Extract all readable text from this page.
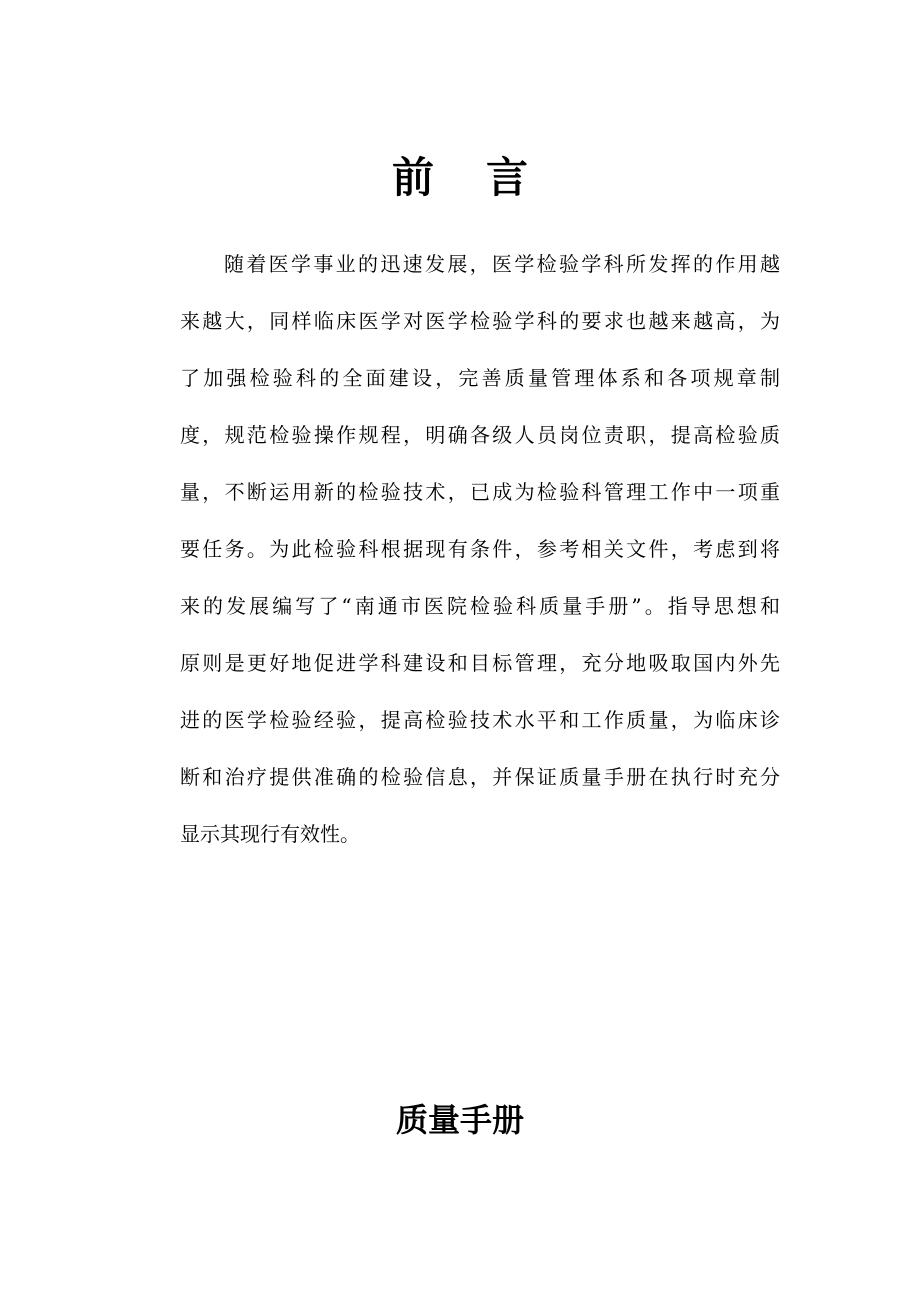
前言
随着医学事业的迅速发展，医学检验学科所发挥的作用越
来越大，同样临床医学对医学检验学科的要求也越来越高，为
了加强检验科的全面建设，完善质量管理体系和各项规章制
度，规范检验操作规程，明确各级人员岗位责职，提高检验质
量，不断运用新的检验技术，已成为检验科管理工作中一项重
要任务。为此检验科根据现有条件，参考相关文件，考虑到将
来的发展编写了“南通市医院检验科质量手册”。指导思想和
原则是更好地促进学科建设和目标管理，充分地吸取国内外先
进的医学检验经验，提高检验技术水平和工作质量，为临床诊
断和治疗提供准确的检验信息，并保证质量手册在执行时充分
显示其现行有效性。
质量手册
